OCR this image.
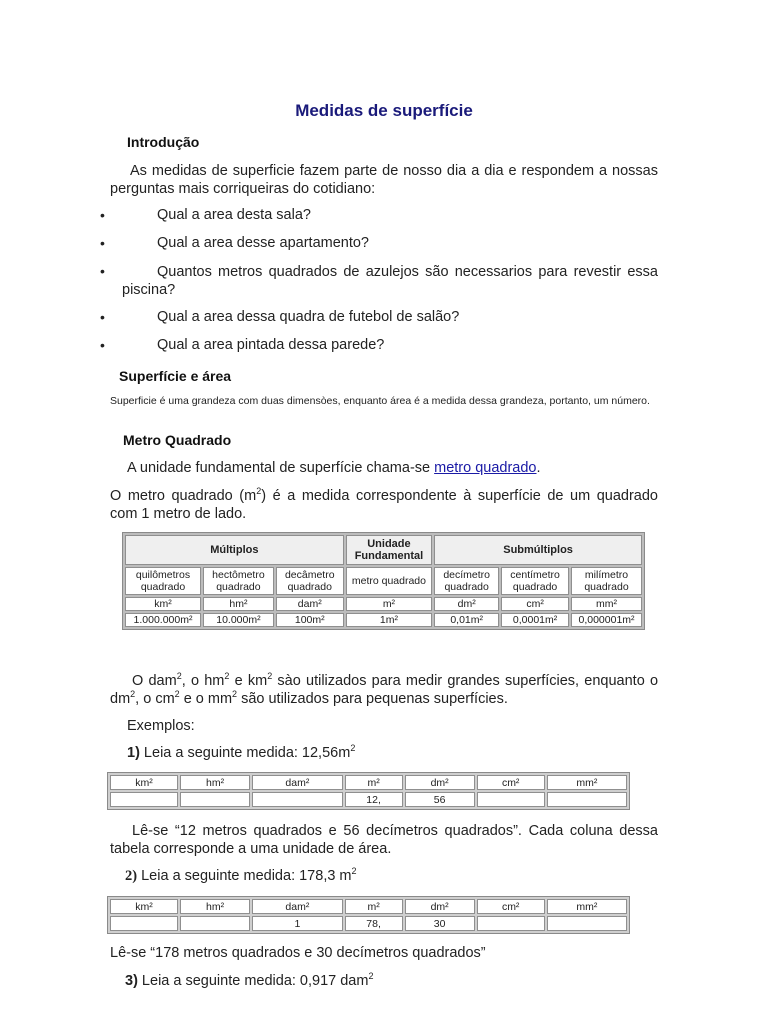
Medidas de superfície
Introdução
As medidas de superficie fazem parte de nosso dia a dia e respondem a nossas perguntas mais corriqueiras do cotidiano:
•	Qual a area desta sala?
•	Qual a area desse apartamento?
•	Quantos metros quadrados de azulejos são necessarios para revestir essa piscina?
•	Qual a area dessa quadra de futebol de salão?
•	Qual a area pintada dessa parede?
Superfície e área
Superficie é uma grandeza com duas dimensòes, enquanto área é a medida dessa grandeza, portanto, um número.
Metro Quadrado
A unidade fundamental de superfície chama-se metro quadrado.
O metro quadrado $(m^2)$ é a medida correspondente à superfície de um quadrado com 1 metro de lado.
Múltiplos			Unidade Fundamental	Submúltiplos		
quilômetros quadrado	hectômetro quadrado	decâmetro quadrado	metro quadrado	decímetro quadrado	centímetro quadrado	milímetro quadrado
km²	hm²	dam²	m²	dm²	cm²	mm²
1.000.000m²	10.000m²	100m²	1m²	0,01m²	0,0001m²	0,000001m²
O dam$^2$, o $hm^2$ e $km^2$ sào utilizados para medir grandes superfícies, enquanto o $dm^2$, o $cm^2$ e o $mm^2$ são utilizados para pequenas superfícies.
Exemplos:
1) Leia a seguinte medida: $12,56m^2$
km²	hm²	dam²	m²	dm²	cm²	mm²
			12,	56		
Lê-se “12 metros quadrados e 56 decímetros quadrados”. Cada coluna dessa tabela corresponde a uma unidade de área.
2) Leia a seguinte medida: 178,3 $m^2$
km²	hm²	dam²	m²	dm²	cm²	mm²
		1	78,	30		
Lê-se “178 metros quadrados e 30 decímetros quadrados”
3) Leia a seguinte medida: 0,917 dam$^2$
